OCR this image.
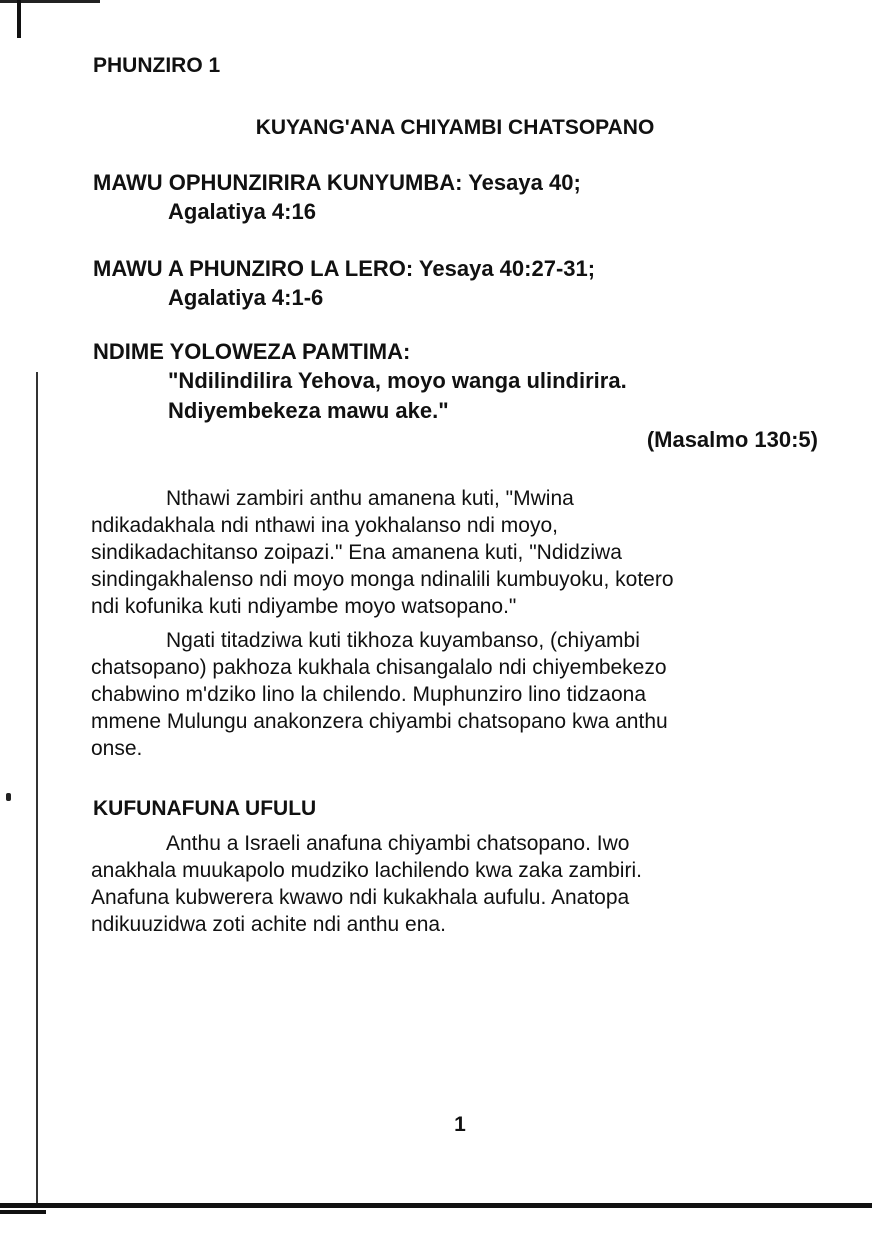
PHUNZIRO 1
KUYANG'ANA CHIYAMBI CHATSOPANO
MAWU OPHUNZIRIRA KUNYUMBA: Yesaya 40;
Agalatiya 4:16
MAWU A PHUNZIRO LA LERO: Yesaya 40:27-31;
Agalatiya 4:1-6
NDIME YOLOWEZA PAMTIMA:
"Ndilindilira Yehova, moyo wanga ulindirira.
Ndiyembekeza mawu ake."
(Masalmo 130:5)
Nthawi zambiri anthu amanena kuti, "Mwina
ndikadakhala ndi nthawi ina yokhalanso ndi moyo,
sindikadachitanso zoipazi." Ena amanena kuti, "Ndidziwa
sindingakhalenso ndi moyo monga ndinalili kumbuyoku, kotero
ndi kofunika kuti ndiyambe moyo watsopano."
Ngati titadziwa kuti tikhoza kuyambanso, (chiyambi
chatsopano) pakhoza kukhala chisangalalo ndi chiyembekezo
chabwino m'dziko lino la chilendo. Muphunziro lino tidzaona
mmene Mulungu anakonzera chiyambi chatsopano kwa anthu
onse.
KUFUNAFUNA UFULU
Anthu a Israeli anafuna chiyambi chatsopano. Iwo
anakhala muukapolo mudziko lachilendo kwa zaka zambiri.
Anafuna kubwerera kwawo ndi kukakhala aufulu. Anatopa
ndikuuzidwa zoti achite ndi anthu ena.
1
